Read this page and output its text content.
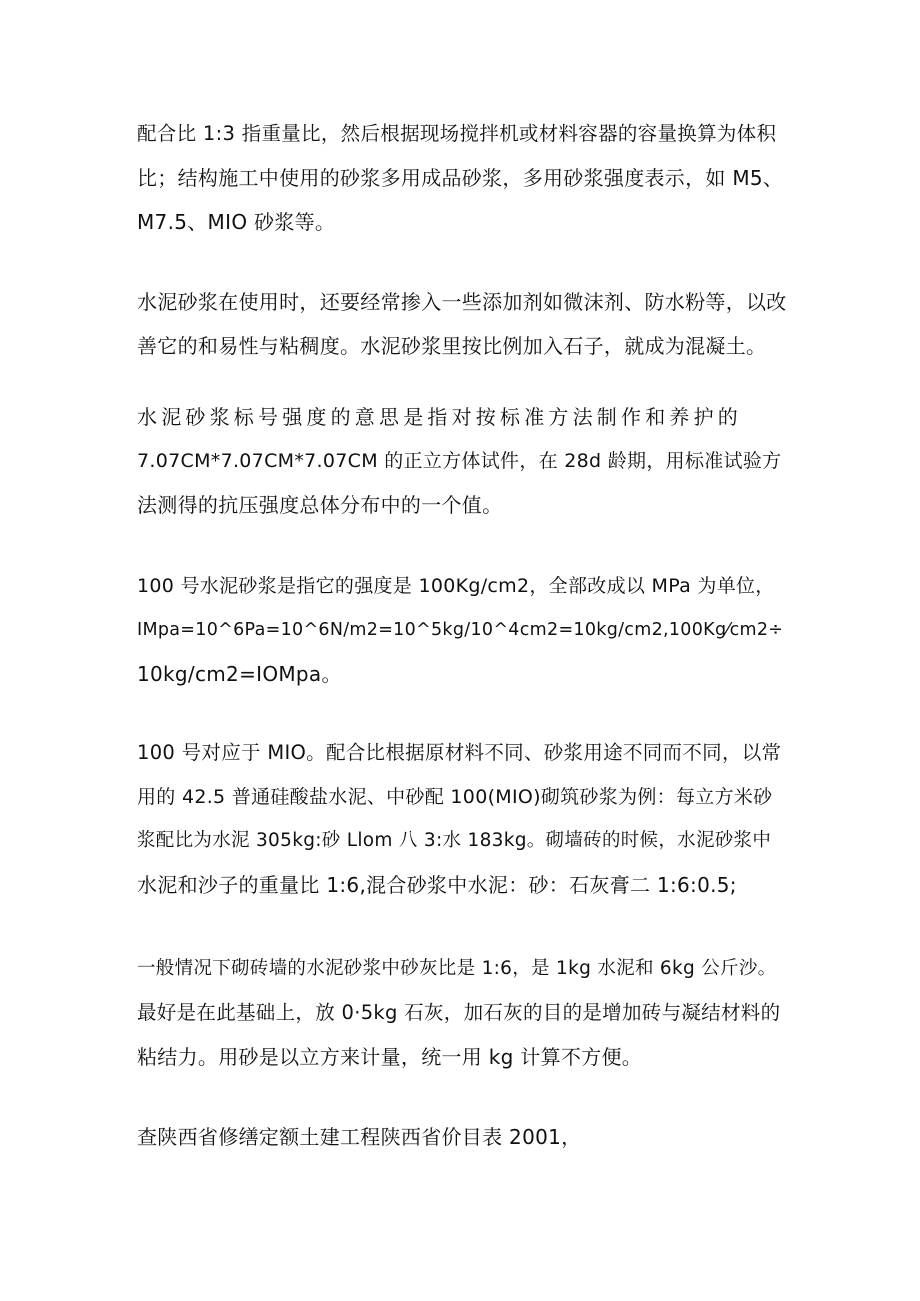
配合比 1:3 指重量比，然后根据现场搅拌机或材料容器的容量换算为体积
比；结构施工中使用的砂浆多用成品砂浆，多用砂浆强度表示，如 M5、
M7.5、MIO 砂浆等。
水泥砂浆在使用时，还要经常掺入一些添加剂如微沫剂、防水粉等，以改
善它的和易性与粘稠度。水泥砂浆里按比例加入石子，就成为混凝土。
水泥砂浆标号强度的意思是指对按标准方法制作和养护的
7.07CM*7.07CM*7.07CM 的正立方体试件，在 28d 龄期，用标准试验方
法测得的抗压强度总体分布中的一个值。
100 号水泥砂浆是指它的强度是 100Kg/cm2，全部改成以 MPa 为单位，
IMpa=10^6Pa=10^6N/m2=10^5kg/10^4cm2=10kg/cm2,100Kg⁄cm2÷
10kg/cm2=IOMpa。
100 号对应于 MIO。配合比根据原材料不同、砂浆用途不同而不同，以常
用的 42.5 普通硅酸盐水泥、中砂配 100(MIO)砌筑砂浆为例：每立方米砂
浆配比为水泥 305kg:砂 Llom 八 3:水 183kg。砌墙砖的时候，水泥砂浆中
水泥和沙子的重量比 1:6,混合砂浆中水泥：砂：石灰膏二 1:6:0.5;
一般情况下砌砖墙的水泥砂浆中砂灰比是 1:6，是 1kg 水泥和 6kg 公斤沙。
最好是在此基础上，放 0·5kg 石灰，加石灰的目的是增加砖与凝结材料的
粘结力。用砂是以立方来计量，统一用 kg 计算不方便。
查陕西省修缮定额土建工程陕西省价目表 2001，
